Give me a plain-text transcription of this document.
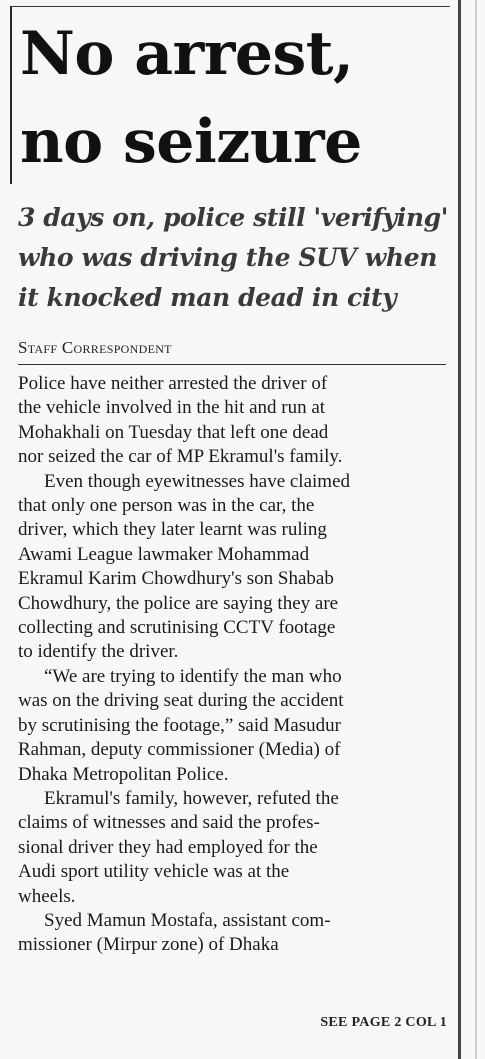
No arrest,
no seizure
3 days on, police still 'verifying'
who was driving the SUV when
it knocked man dead in city
Staff Correspondent
Police have neither arrested the driver of
the vehicle involved in the hit and run at
Mohakhali on Tuesday that left one dead
nor seized the car of MP Ekramul's family.
Even though eyewitnesses have claimed
that only one person was in the car, the
driver, which they later learnt was ruling
Awami League lawmaker Mohammad
Ekramul Karim Chowdhury's son Shabab
Chowdhury, the police are saying they are
collecting and scrutinising CCTV footage
to identify the driver.
“We are trying to identify the man who
was on the driving seat during the accident
by scrutinising the footage,” said Masudur
Rahman, deputy commissioner (Media) of
Dhaka Metropolitan Police.
Ekramul's family, however, refuted the
claims of witnesses and said the profes-
sional driver they had employed for the
Audi sport utility vehicle was at the
wheels.
Syed Mamun Mostafa, assistant com-
missioner (Mirpur zone) of Dhaka
SEE PAGE 2 COL 1
